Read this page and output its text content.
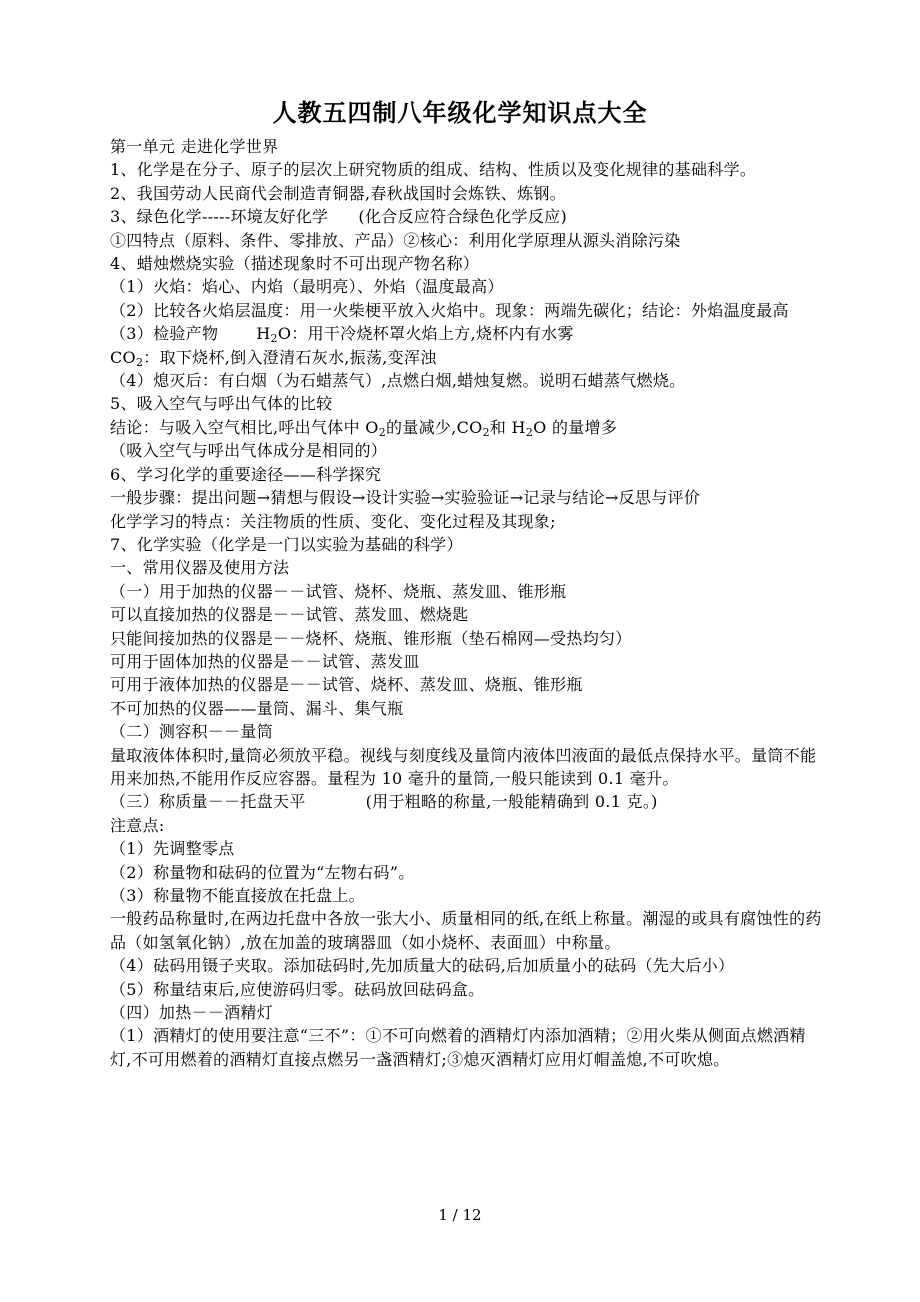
人教五四制八年级化学知识点大全
第一单元 走进化学世界
1、化学是在分子、原子的层次上研究物质的组成、结构、性质以及变化规律的基础科学。
2、我国劳动人民商代会制造青铜器,春秋战国时会炼铁、炼钢。
3、绿色化学-----环境友好化学 (化合反应符合绿色化学反应)
①四特点（原料、条件、零排放、产品）②核心：利用化学原理从源头消除污染
4、蜡烛燃烧实验（描述现象时不可出现产物名称）
（1）火焰：焰心、内焰（最明亮）、外焰（温度最高）
（2）比较各火焰层温度：用一火柴梗平放入火焰中。现象：两端先碳化；结论：外焰温度最高
（3）检验产物 $H_2O$：用干冷烧杯罩火焰上方,烧杯内有水雾
$CO_2$：取下烧杯,倒入澄清石灰水,振荡,变浑浊
（4）熄灭后：有白烟（为石蜡蒸气）,点燃白烟,蜡烛复燃。说明石蜡蒸气燃烧。
5、吸入空气与呼出气体的比较
结论：与吸入空气相比,呼出气体中 $O_2$的量减少$,CO_2$和 $H_2O$ 的量增多
（吸入空气与呼出气体成分是相同的）
6、学习化学的重要途径——科学探究
一般步骤：提出问题→猜想与假设→设计实验→实验验证→记录与结论→反思与评价
化学学习的特点：关注物质的性质、变化、变化过程及其现象;
7、化学实验（化学是一门以实验为基础的科学）
一、常用仪器及使用方法
（一）用于加热的仪器－－试管、烧杯、烧瓶、蒸发皿、锥形瓶
可以直接加热的仪器是－－试管、蒸发皿、燃烧匙
只能间接加热的仪器是－－烧杯、烧瓶、锥形瓶（垫石棉网—受热均匀）
可用于固体加热的仪器是－－试管、蒸发皿
可用于液体加热的仪器是－－试管、烧杯、蒸发皿、烧瓶、锥形瓶
不可加热的仪器——量筒、漏斗、集气瓶
（二）测容积－－量筒
量取液体体积时,量筒必须放平稳。视线与刻度线及量筒内液体凹液面的最低点保持水平。量筒不能用来加热,不能用作反应容器。量程为 10 毫升的量筒,一般只能读到 0.1 毫升。
（三）称质量－－托盘天平	(用于粗略的称量,一般能精确到 0.1 克。)
注意点:
（1）先调整零点
（2）称量物和砝码的位置为“左物右码”。
（3）称量物不能直接放在托盘上。
一般药品称量时,在两边托盘中各放一张大小、质量相同的纸,在纸上称量。潮湿的或具有腐蚀性的药品（如氢氧化钠）,放在加盖的玻璃器皿（如小烧杯、表面皿）中称量。
（4）砝码用镊子夹取。添加砝码时,先加质量大的砝码,后加质量小的砝码（先大后小）
（5）称量结束后,应使游码归零。砝码放回砝码盒。
（四）加热－－酒精灯
（1）酒精灯的使用要注意“三不”：①不可向燃着的酒精灯内添加酒精；②用火柴从侧面点燃酒精灯,不可用燃着的酒精灯直接点燃另一盏酒精灯;③熄灭酒精灯应用灯帽盖熄,不可吹熄。
1 / 12
